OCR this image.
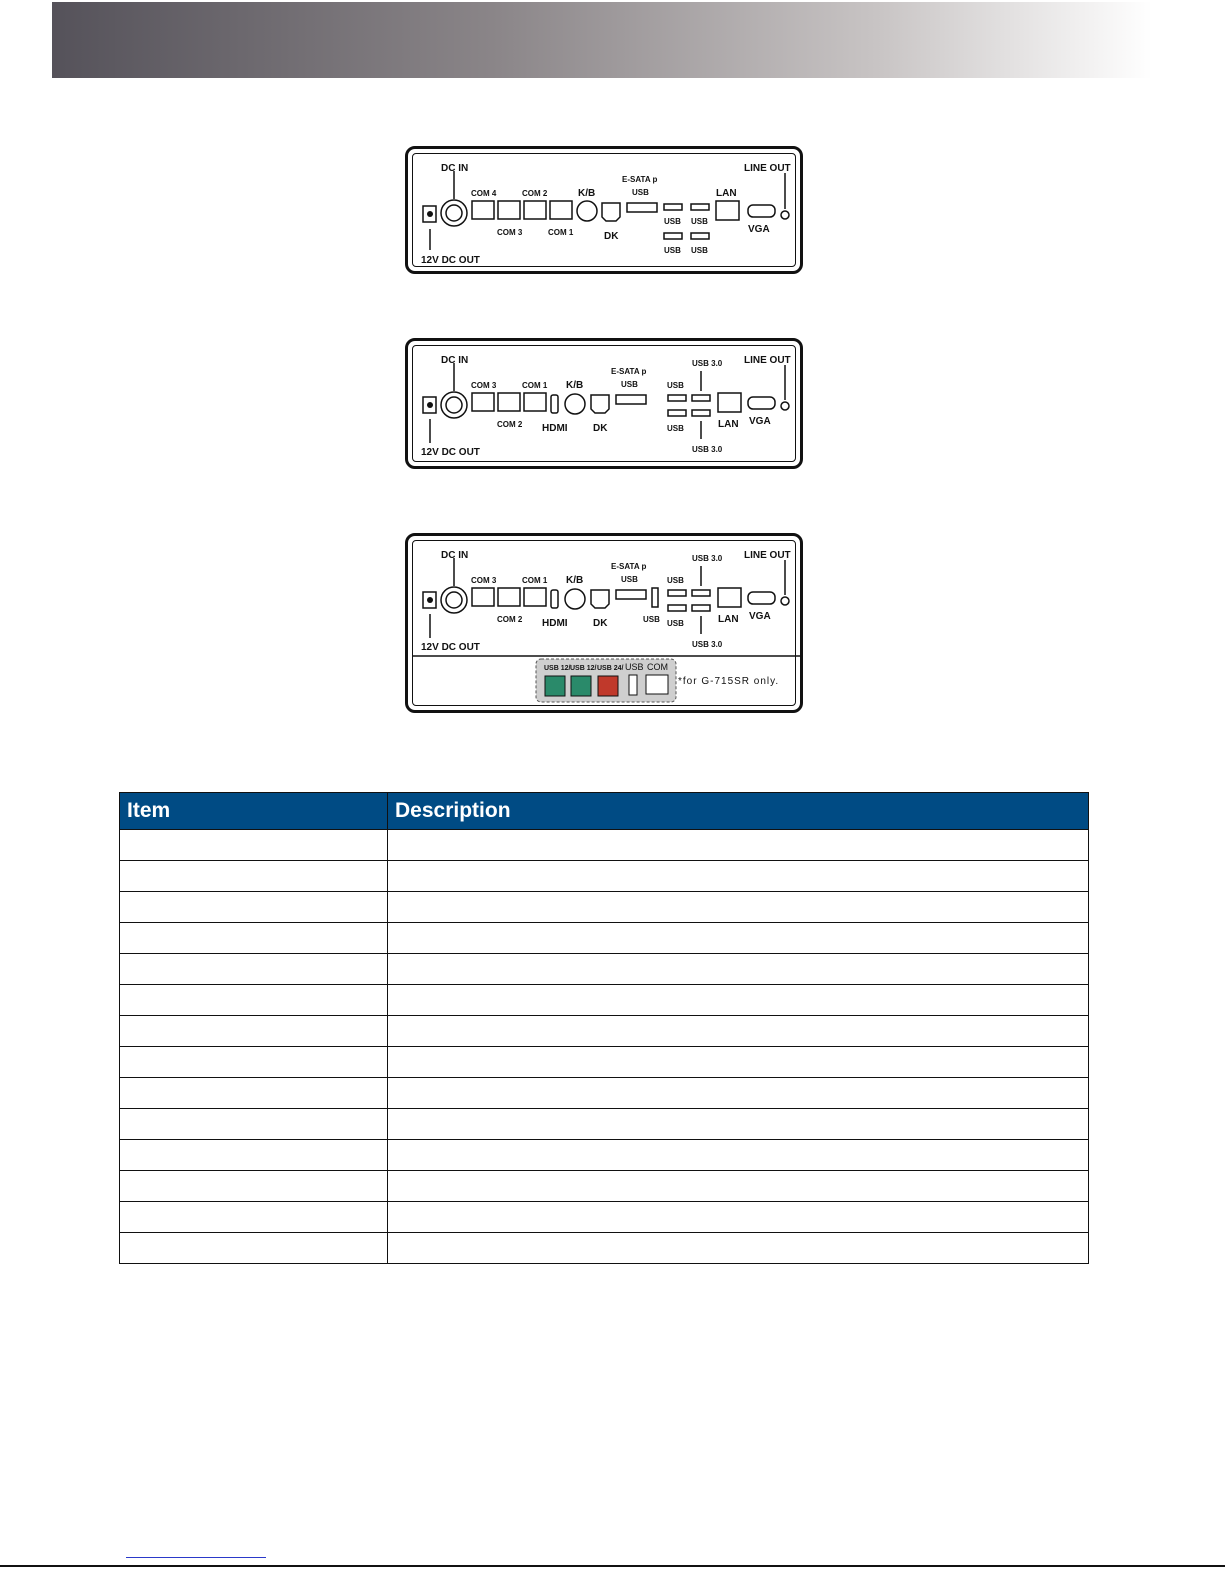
DC IN
12V DC OUT
LINE OUT
COM 4	COM 2
COM 3	COM 1
K/B
DK
E-SATA p
USB
USB USB
USB USB
LAN
VGA
DC IN
12V DC OUT
LINE OUT
COM 3	COM 1
COM 2
K/B
HDMI	DK
E-SATA p
USB	USB
USB
USB 3.0
USB 3.0
LAN VGA
DC IN
12V DC OUT
LINE OUT
COM 3	COM 1
COM 2
K/B
HDMI	DK
E-SATA p
USB
USB
USB
USB
USB 3.0
USB 3.0
LAN VGA
USB 12/ USB 12/ USB 24/ USB COM
*for G-715SR only.
Item	Description
